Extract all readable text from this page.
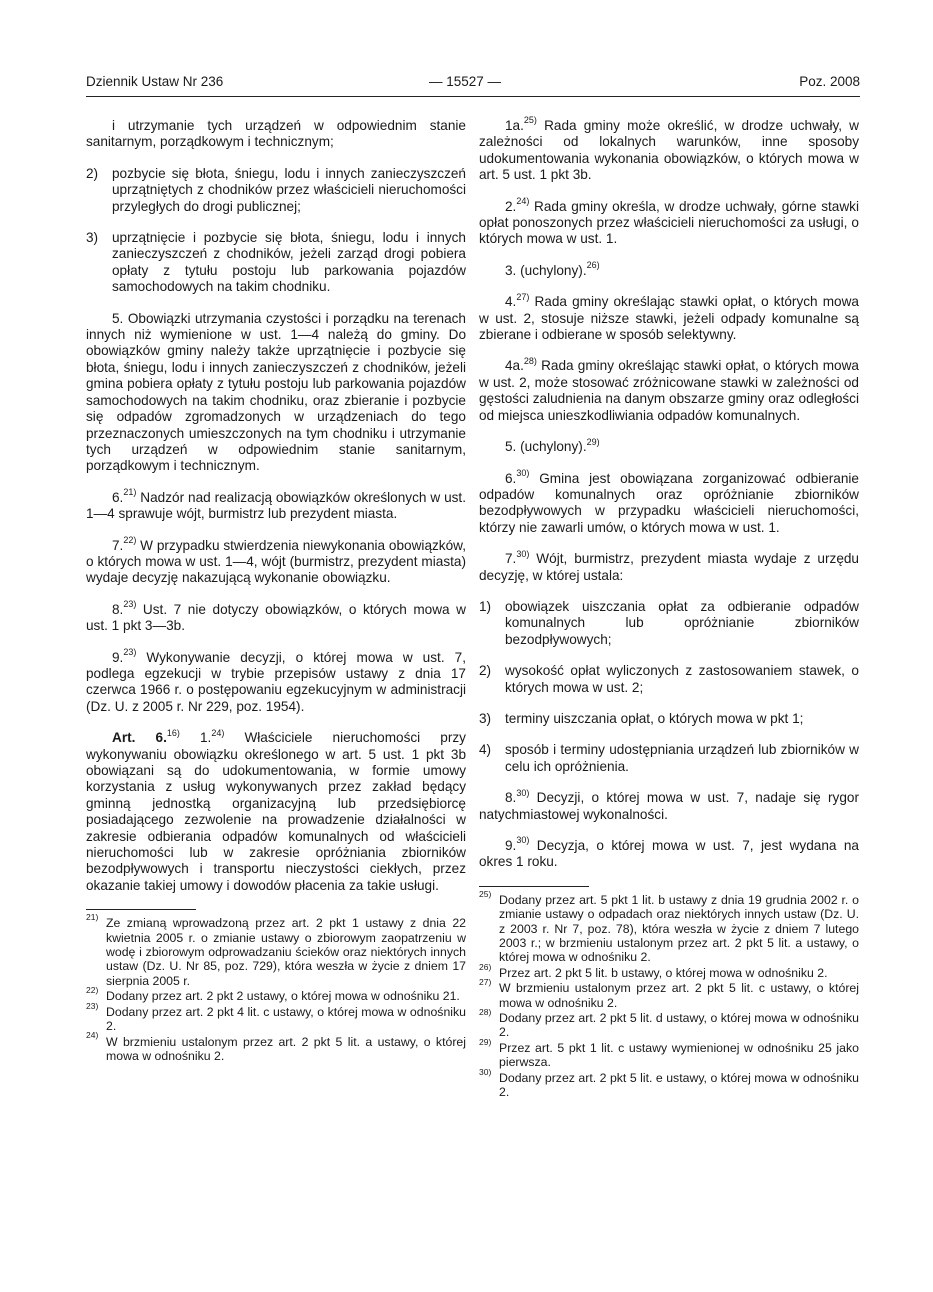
Dziennik Ustaw Nr 236	— 15527 —	Poz. 2008

i utrzymanie tych urządzeń w odpowiednim stanie sanitarnym, porządkowym i technicznym;

2) pozbycie się błota, śniegu, lodu i innych zanieczyszczeń uprzątniętych z chodników przez właścicieli nieruchomości przyległych do drogi publicznej;
3) uprzątnięcie i pozbycie się błota, śniegu, lodu i innych zanieczyszczeń z chodników, jeżeli zarząd drogi pobiera opłaty z tytułu postoju lub parkowania pojazdów samochodowych na takim chodniku.

5. Obowiązki utrzymania czystości i porządku na terenach innych niż wymienione w ust. 1—4 należą do gminy. Do obowiązków gminy należy także uprzątnięcie i pozbycie się błota, śniegu, lodu i innych zanieczyszczeń z chodników, jeżeli gmina pobiera opłaty z tytułu postoju lub parkowania pojazdów samochodowych na takim chodniku, oraz zbieranie i pozbycie się odpadów zgromadzonych w urządzeniach do tego przeznaczonych umieszczonych na tym chodniku i utrzymanie tych urządzeń w odpowiednim stanie sanitarnym, porządkowym i technicznym.

6.$^{21)}$ Nadzór nad realizacją obowiązków określonych w ust. 1—4 sprawuje wójt, burmistrz lub prezydent miasta.

7.$^{22)}$ W przypadku stwierdzenia niewykonania obowiązków, o których mowa w ust. 1—4, wójt (burmistrz, prezydent miasta) wydaje decyzję nakazującą wykonanie obowiązku.

8.$^{23)}$ Ust. 7 nie dotyczy obowiązków, o których mowa w ust. 1 pkt 3—3b.

9.$^{23)}$ Wykonywanie decyzji, o której mowa w ust. 7, podlega egzekucji w trybie przepisów ustawy z dnia 17 czerwca 1966 r. o postępowaniu egzekucyjnym w administracji (Dz. U. z 2005 r. Nr 229, poz. 1954).

Art. 6.$^{16)}$ 1.$^{24)}$ Właściciele nieruchomości przy wykonywaniu obowiązku określonego w art. 5 ust. 1 pkt 3b obowiązani są do udokumentowania, w formie umowy korzystania z usług wykonywanych przez zakład będący gminną jednostką organizacyjną lub przedsiębiorcę posiadającego zezwolenie na prowadzenie działalności w zakresie odbierania odpadów komunalnych od właścicieli nieruchomości lub w zakresie opróżniania zbiorników bezodpływowych i transportu nieczystości ciekłych, przez okazanie takiej umowy i dowodów płacenia za takie usługi.

$^{21)}$ Ze zmianą wprowadzoną przez art. 2 pkt 1 ustawy z dnia 22 kwietnia 2005 r. o zmianie ustawy o zbiorowym zaopatrzeniu w wodę i zbiorowym odprowadzaniu ścieków oraz niektórych innych ustaw (Dz. U. Nr 85, poz. 729), która weszła w życie z dniem 17 sierpnia 2005 r.
$^{22)}$ Dodany przez art. 2 pkt 2 ustawy, o której mowa w odnośniku 21.
$^{23)}$ Dodany przez art. 2 pkt 4 lit. c ustawy, o której mowa w odnośniku 2.
$^{24)}$ W brzmieniu ustalonym przez art. 2 pkt 5 lit. a ustawy, o której mowa w odnośniku 2.

1a.$^{25)}$ Rada gminy może określić, w drodze uchwały, w zależności od lokalnych warunków, inne sposoby udokumentowania wykonania obowiązków, o których mowa w art. 5 ust. 1 pkt 3b.

2.$^{24)}$ Rada gminy określa, w drodze uchwały, górne stawki opłat ponoszonych przez właścicieli nieruchomości za usługi, o których mowa w ust. 1.

3. (uchylony).$^{26)}$

4.$^{27)}$ Rada gminy określając stawki opłat, o których mowa w ust. 2, stosuje niższe stawki, jeżeli odpady komunalne są zbierane i odbierane w sposób selektywny.

4a.$^{28)}$ Rada gminy określając stawki opłat, o których mowa w ust. 2, może stosować zróżnicowane stawki w zależności od gęstości zaludnienia na danym obszarze gminy oraz odległości od miejsca unieszkodliwiania odpadów komunalnych.

5. (uchylony).$^{29)}$

6.$^{30)}$ Gmina jest obowiązana zorganizować odbieranie odpadów komunalnych oraz opróżnianie zbiorników bezodpływowych w przypadku właścicieli nieruchomości, którzy nie zawarli umów, o których mowa w ust. 1.

7.$^{30)}$ Wójt, burmistrz, prezydent miasta wydaje z urzędu decyzję, w której ustala:

1) obowiązek uiszczania opłat za odbieranie odpadów komunalnych lub opróżnianie zbiorników bezodpływowych;
2) wysokość opłat wyliczonych z zastosowaniem stawek, o których mowa w ust. 2;
3) terminy uiszczania opłat, o których mowa w pkt 1;
4) sposób i terminy udostępniania urządzeń lub zbiorników w celu ich opróżnienia.

8.$^{30)}$ Decyzji, o której mowa w ust. 7, nadaje się rygor natychmiastowej wykonalności.

9.$^{30)}$ Decyzja, o której mowa w ust. 7, jest wydana na okres 1 roku.

$^{25)}$ Dodany przez art. 5 pkt 1 lit. b ustawy z dnia 19 grudnia 2002 r. o zmianie ustawy o odpadach oraz niektórych innych ustaw (Dz. U. z 2003 r. Nr 7, poz. 78), która weszła w życie z dniem 7 lutego 2003 r.; w brzmieniu ustalonym przez art. 2 pkt 5 lit. a ustawy, o której mowa w odnośniku 2.
$^{26)}$ Przez art. 2 pkt 5 lit. b ustawy, o której mowa w odnośniku 2.
$^{27)}$ W brzmieniu ustalonym przez art. 2 pkt 5 lit. c ustawy, o której mowa w odnośniku 2.
$^{28)}$ Dodany przez art. 2 pkt 5 lit. d ustawy, o której mowa w odnośniku 2.
$^{29)}$ Przez art. 5 pkt 1 lit. c ustawy wymienionej w odnośniku 25 jako pierwsza.
$^{30)}$ Dodany przez art. 2 pkt 5 lit. e ustawy, o której mowa w odnośniku 2.
